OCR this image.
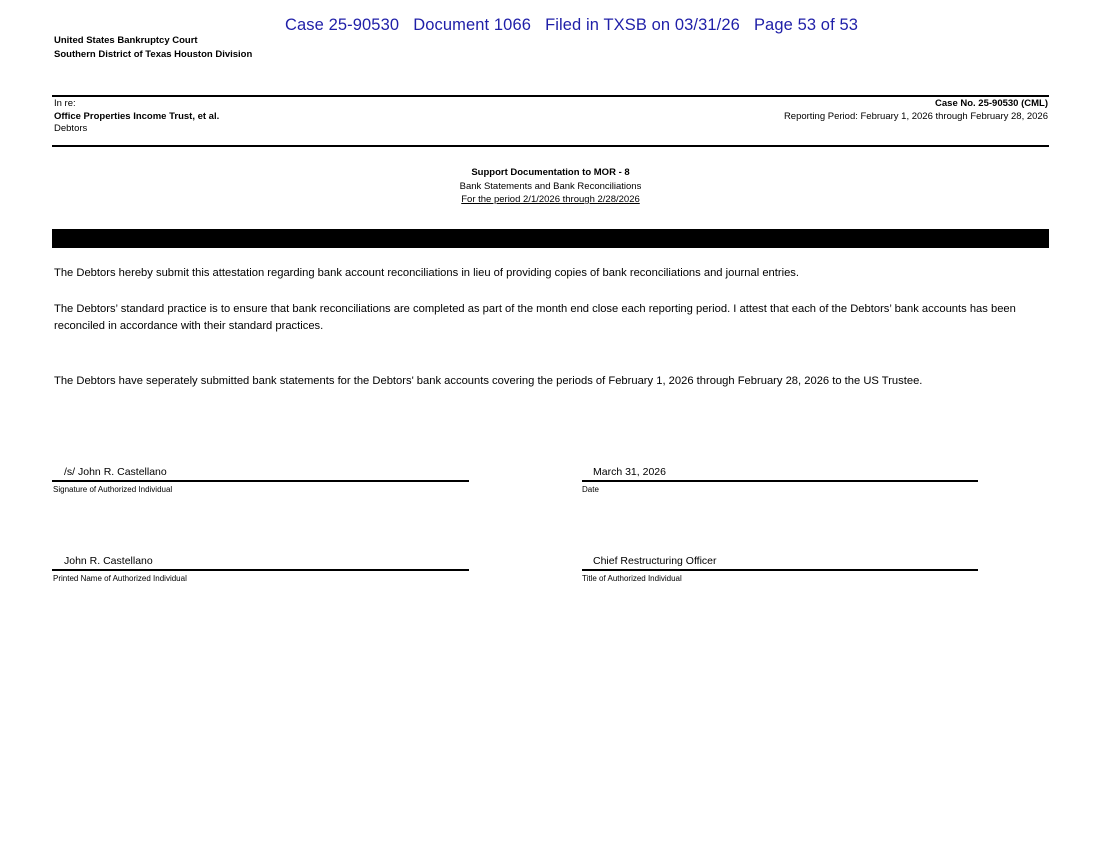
Case 25-90530 Document 1066 Filed in TXSB on 03/31/26 Page 53 of 53
United States Bankruptcy Court
Southern District of Texas Houston Division
In re:
Office Properties Income Trust, et al.
Debtors
Case No. 25-90530 (CML)
Reporting Period: February 1, 2026 through February 28, 2026
Support Documentation to MOR - 8
Bank Statements and Bank Reconciliations
For the period 2/1/2026 through 2/28/2026
The Debtors hereby submit this attestation regarding bank account reconciliations in lieu of providing copies of bank reconciliations and journal entries.
The Debtors’ standard practice is to ensure that bank reconciliations are completed as part of the month end close each reporting period. I attest that each of the Debtors’ bank accounts has been reconciled in accordance with their standard practices.
The Debtors have seperately submitted bank statements for the Debtors' bank accounts covering the periods of February 1, 2026 through February 28, 2026 to the US Trustee.
/s/ John R. Castellano
Signature of Authorized Individual
March 31, 2026
Date
John R. Castellano
Printed Name of Authorized Individual
Chief Restructuring Officer
Title of Authorized Individual
